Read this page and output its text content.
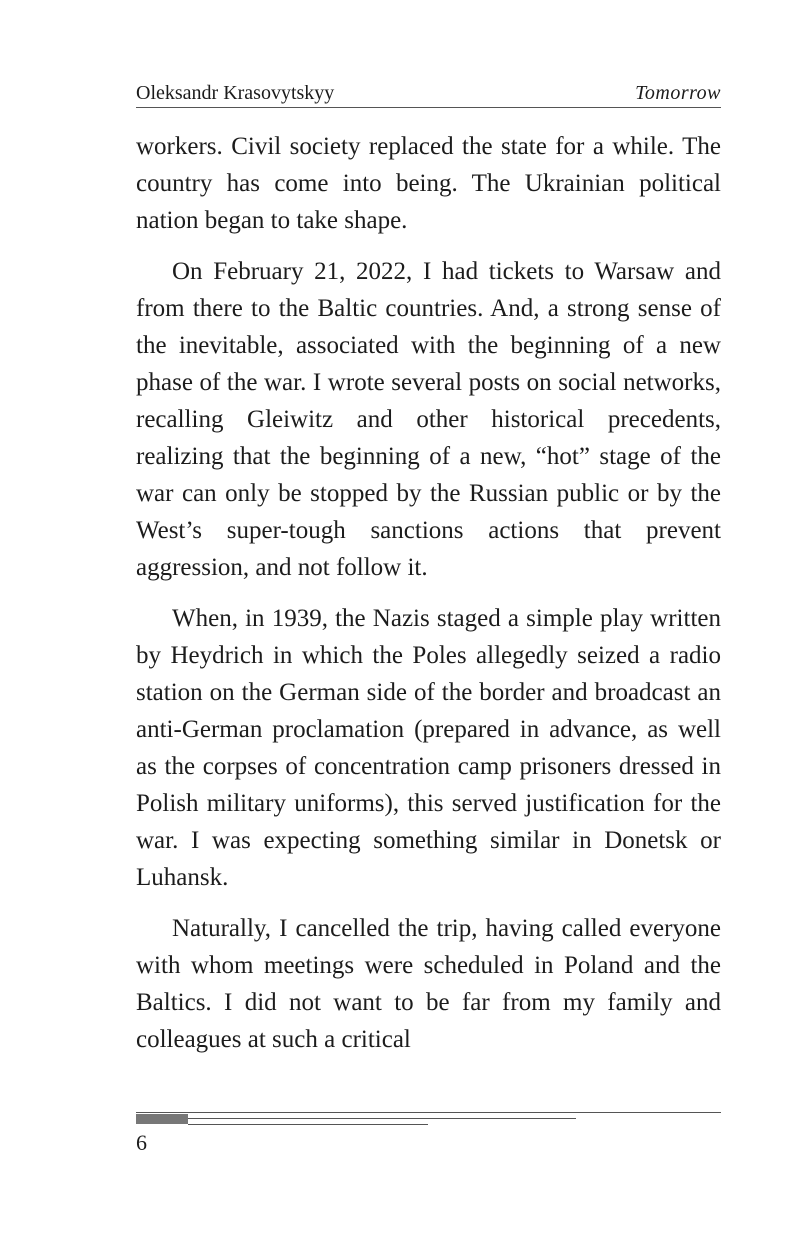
Oleksandr Krasovytskyy	Tomorrow

workers. Civil society replaced the state for a while. The country has come into being. The Ukrainian political nation began to take shape.

On February 21, 2022, I had tickets to Warsaw and from there to the Baltic countries. And, a strong sense of the inevitable, associated with the beginning of a new phase of the war. I wrote several posts on social networks, recalling Gleiwitz and other historical precedents, realizing that the beginning of a new, “hot” stage of the war can only be stopped by the Russian public or by the West’s super-tough sanctions actions that prevent aggression, and not follow it.

When, in 1939, the Nazis staged a simple play written by Heydrich in which the Poles allegedly seized a radio station on the German side of the border and broadcast an anti-German proclamation (prepared in advance, as well as the corpses of concentration camp prisoners dressed in Polish military uniforms), this served justification for the war. I was expecting something similar in Donetsk or Luhansk.

Naturally, I cancelled the trip, having called everyone with whom meetings were scheduled in Poland and the Baltics. I did not want to be far from my family and colleagues at such a critical

6
